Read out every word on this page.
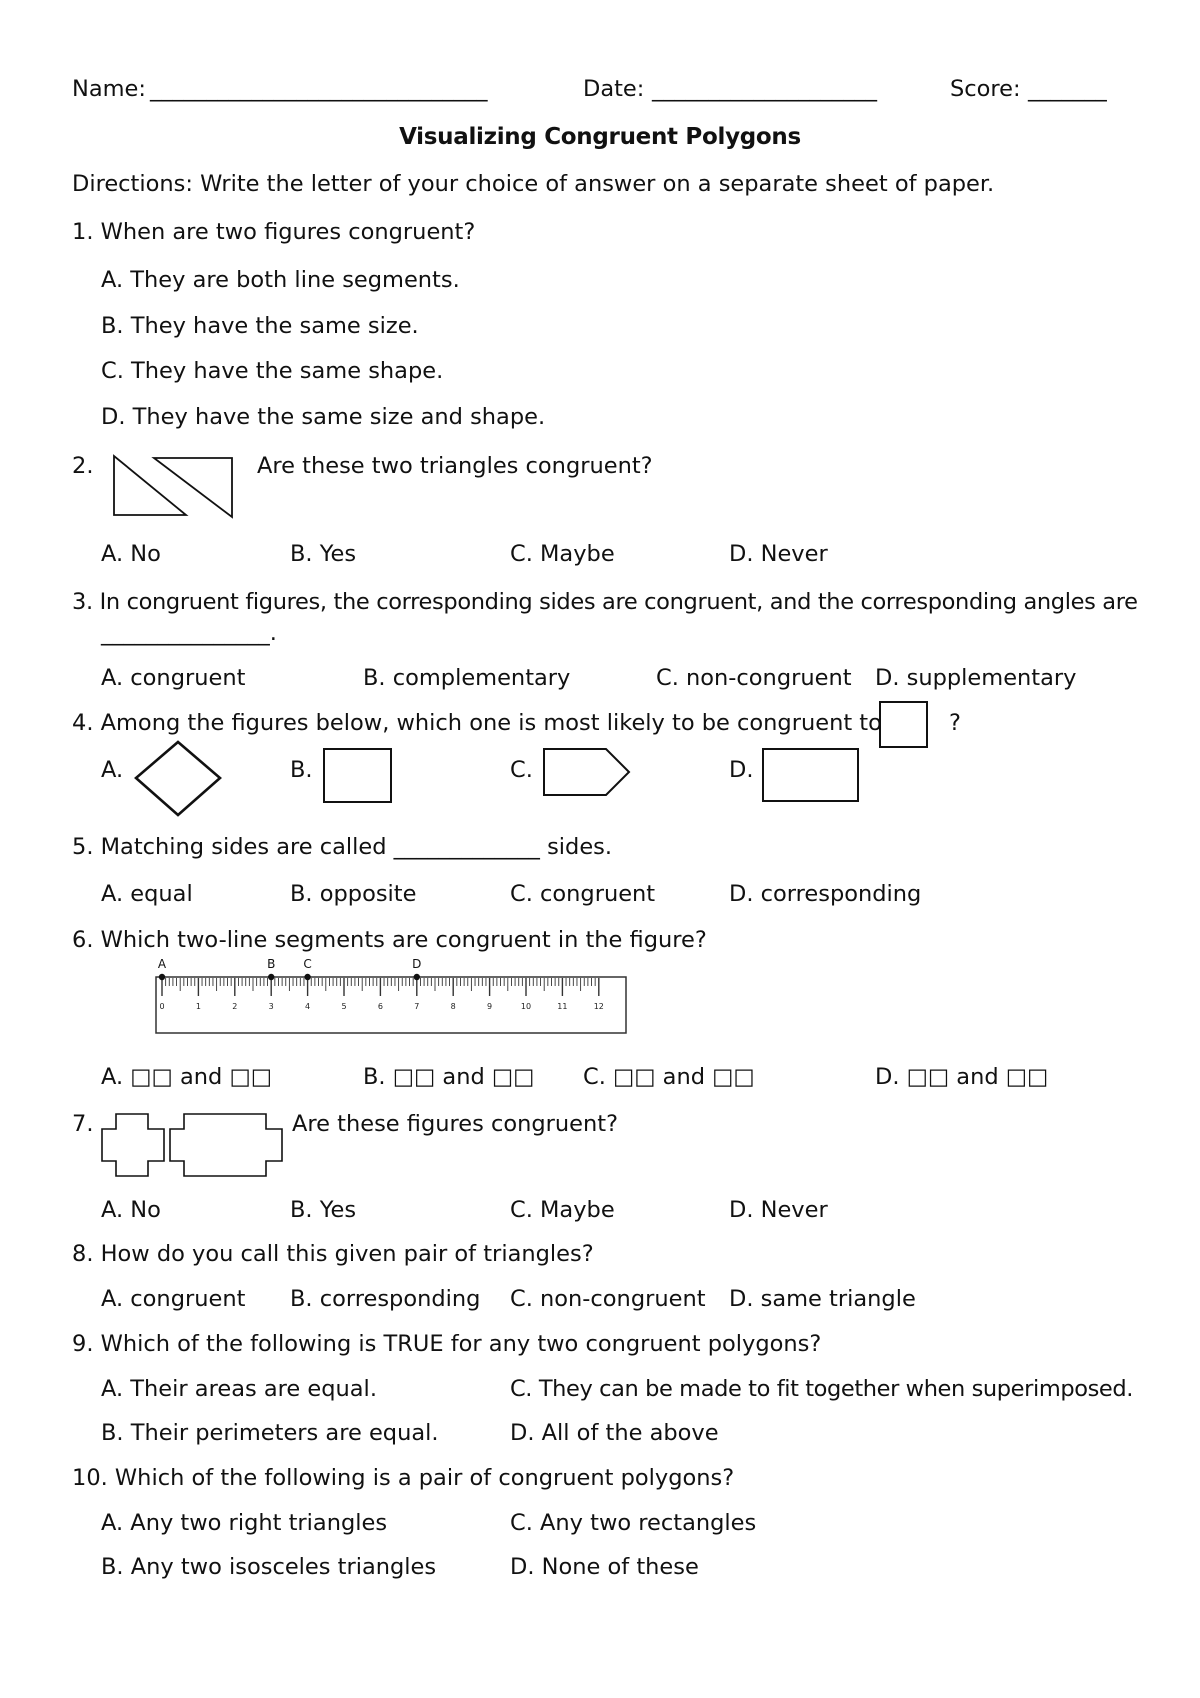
Name: ______________________________	Date: ____________________	Score: _______
Visualizing Congruent Polygons
Directions: Write the letter of your choice of answer on a separate sheet of paper.
1. When are two figures congruent?
A. They are both line segments.
B. They have the same size.
C. They have the same shape.
D. They have the same size and shape.
2.	Are these two triangles congruent?
A. No	B. Yes	C. Maybe	D. Never
3. In congruent figures, the corresponding sides are congruent, and the corresponding angles are
_______________.
A. congruent	B. complementary	C. non-congruent D. supplementary
4. Among the figures below, which one is most likely to be congruent to	?
A.	B.	C.	D.
5. Matching sides are called _____________ sides.
A. equal	B. opposite	C. congruent	D. corresponding
6. Which two-line segments are congruent in the figure?
0	1	2	3	4	5	6	7	8	9	10	11	12
A	B C	D
A. □□ and □□	B. □□ and □□ C. □□ and □□	D. □□ and □□
7.	Are these figures congruent?
A. No	B. Yes	C. Maybe	D. Never
8. How do you call this given pair of triangles?
A. congruent B. corresponding C. non-congruent D. same triangle
9. Which of the following is TRUE for any two congruent polygons?
A. Their areas are equal.	C. They can be made to fit together when superimposed.
B. Their perimeters are equal.	D. All of the above
10. Which of the following is a pair of congruent polygons?
A. Any two right triangles	C. Any two rectangles
B. Any two isosceles triangles	D. None of these
